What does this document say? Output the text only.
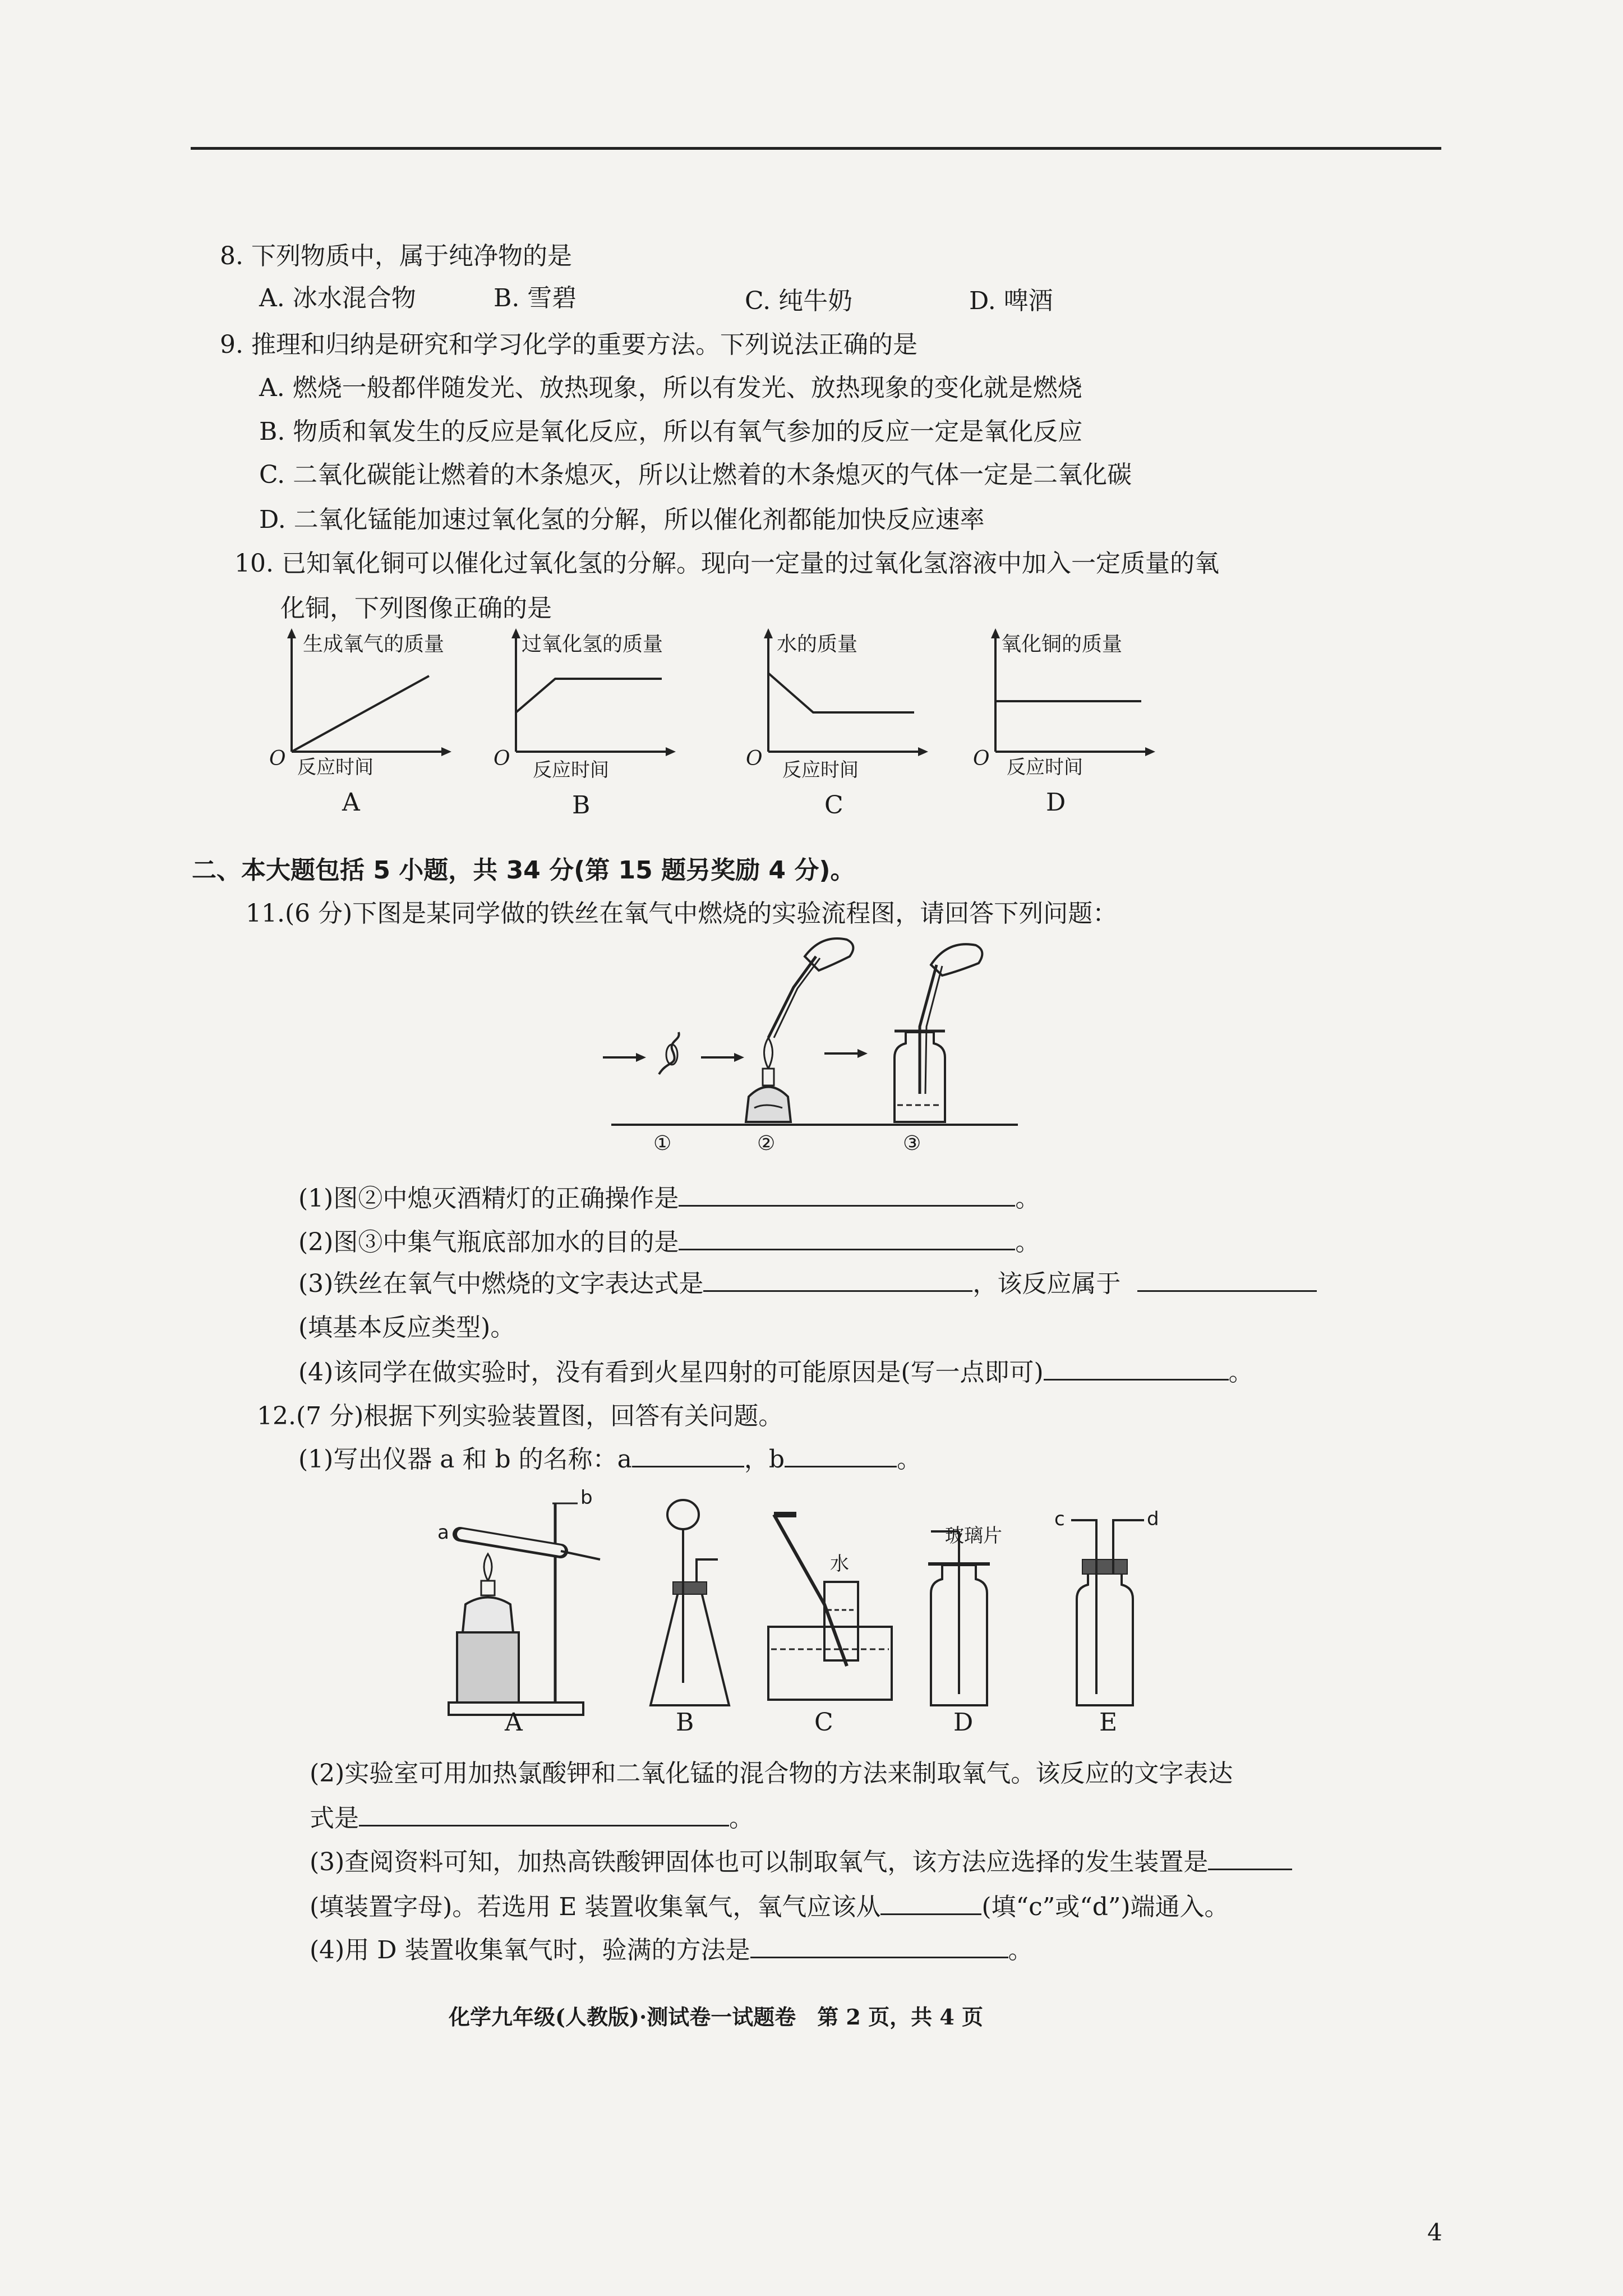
8. 下列物质中，属于纯净物的是
A. 冰水混合物	B. 雪碧	C. 纯牛奶	D. 啤酒
9. 推理和归纳是研究和学习化学的重要方法。下列说法正确的是
A. 燃烧一般都伴随发光、放热现象，所以有发光、放热现象的变化就是燃烧
B. 物质和氧发生的反应是氧化反应，所以有氧气参加的反应一定是氧化反应
C. 二氧化碳能让燃着的木条熄灭，所以让燃着的木条熄灭的气体一定是二氧化碳
D. 二氧化锰能加速过氧化氢的分解，所以催化剂都能加快反应速率
10. 已知氧化铜可以催化过氧化氢的分解。现向一定量的过氧化氢溶液中加入一定质量的氧
化铜，下列图像正确的是
生成氧气的质量
O 反应时间
A
过氧化氢的质量
O 反应时间
B
水的质量
O 反应时间
C
氧化铜的质量
O 反应时间
D
二、本大题包括 5 小题，共 34 分(第 15 题另奖励 4 分)。
11.(6 分)下图是某同学做的铁丝在氧气中燃烧的实验流程图，请回答下列问题：
①	②	③
(1)图②中熄灭酒精灯的正确操作是	。
(2)图③中集气瓶底部加水的目的是	。
(3)铁丝在氧气中燃烧的文字表达式是	，该反应属于
(填基本反应类型)。
(4)该同学在做实验时，没有看到火星四射的可能原因是(写一点即可)	。
12.(7 分)根据下列实验装置图，回答有关问题。
(1)写出仪器 a 和 b 的名称：a	，b	。
a
b
水
玻璃片
c	d
A	B	C	D	E
(2)实验室可用加热氯酸钾和二氧化锰的混合物的方法来制取氧气。该反应的文字表达
式是	。
(3)查阅资料可知，加热高铁酸钾固体也可以制取氧气，该方法应选择的发生装置是
(填装置字母)。若选用 E 装置收集氧气，氧气应该从	(填“c”或“d”)端通入。
(4)用 D 装置收集氧气时，验满的方法是	。
化学九年级(人教版)·测试卷一试题卷　第 2 页，共 4 页
4
